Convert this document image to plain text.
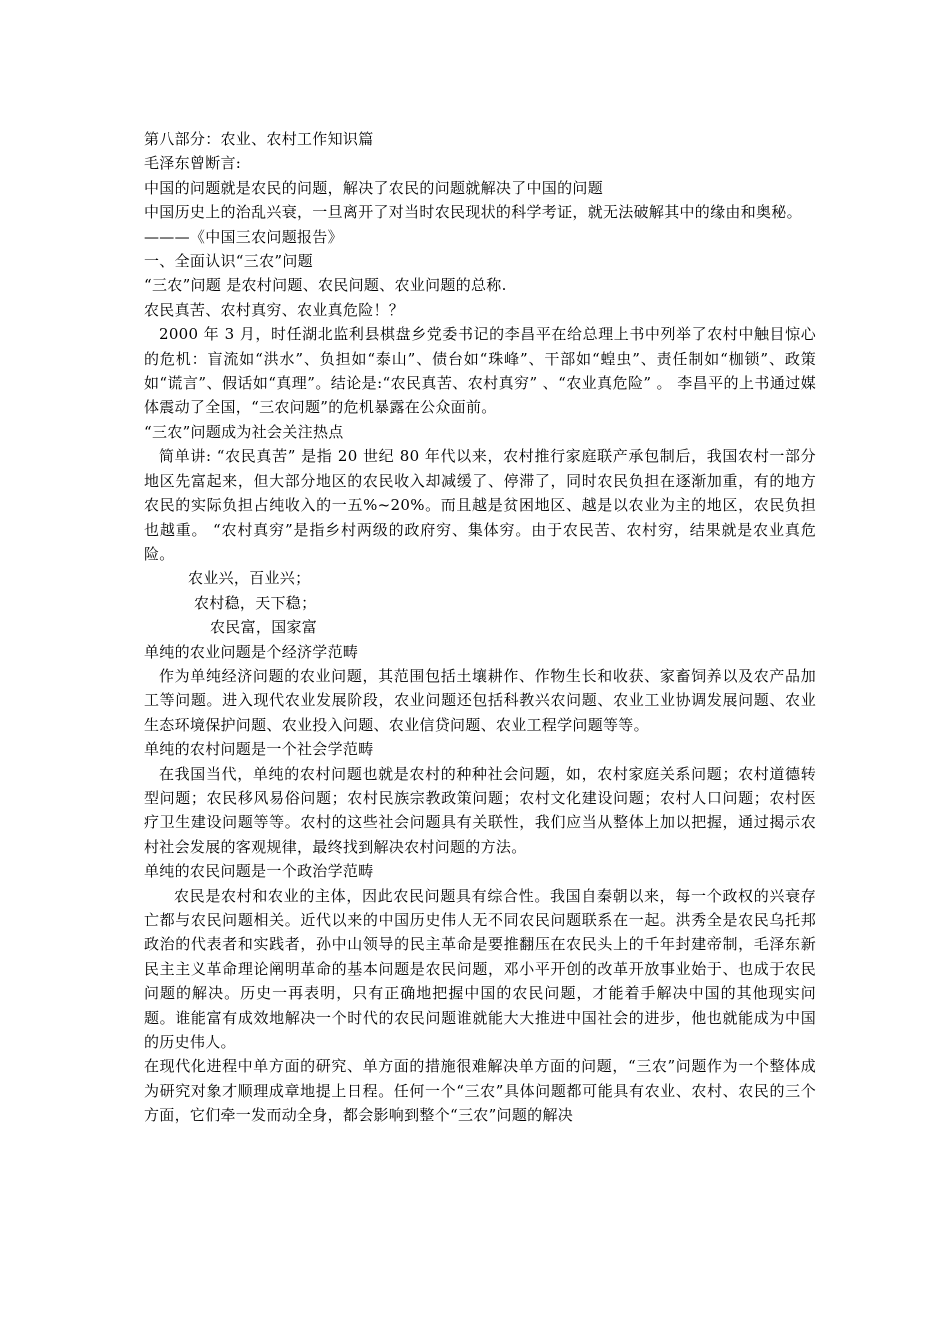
第八部分：农业、农村工作知识篇

毛泽东曾断言:

中国的问题就是农民的问题，解决了农民的问题就解决了中国的问题

中国历史上的治乱兴衰，一旦离开了对当时农民现状的科学考证，就无法破解其中的缘由和奥秘。

———《中国三农问题报告》

一、全面认识“三农”问题

“三农”问题 是农村问题、农民问题、农业问题的总称.

农民真苦、农村真穷、农业真危险！？

2000 年 3 月，时任湖北监利县棋盘乡党委书记的李昌平在给总理上书中列举了农村中触目惊心的危机：盲流如“洪水”、负担如“泰山”、债台如“珠峰”、干部如“蝗虫”、责任制如“枷锁”、政策如“谎言”、假话如“真理”。结论是:“农民真苦、农村真穷” 、“农业真危险” 。 李昌平的上书通过媒体震动了全国，“三农问题”的危机暴露在公众面前。

“三农”问题成为社会关注热点

简单讲: “农民真苦” 是指 20 世纪 80 年代以来，农村推行家庭联产承包制后，我国农村一部分地区先富起来，但大部分地区的农民收入却减缓了、停滞了，同时农民负担在逐渐加重，有的地方农民的实际负担占纯收入的一五%~20%。而且越是贫困地区、越是以农业为主的地区，农民负担也越重。 “农村真穷”是指乡村两级的政府穷、集体穷。由于农民苦、农村穷，结果就是农业真危险。

农业兴，百业兴；

农村稳，天下稳；

农民富，国家富

单纯的农业问题是个经济学范畴

作为单纯经济问题的农业问题，其范围包括土壤耕作、作物生长和收获、家畜饲养以及农产品加工等问题。进入现代农业发展阶段，农业问题还包括科教兴农问题、农业工业协调发展问题、农业生态环境保护问题、农业投入问题、农业信贷问题、农业工程学问题等等。

单纯的农村问题是一个社会学范畴

在我国当代，单纯的农村问题也就是农村的种种社会问题，如，农村家庭关系问题；农村道德转型问题；农民移风易俗问题；农村民族宗教政策问题；农村文化建设问题；农村人口问题；农村医疗卫生建设问题等等。农村的这些社会问题具有关联性，我们应当从整体上加以把握，通过揭示农村社会发展的客观规律，最终找到解决农村问题的方法。

单纯的农民问题是一个政治学范畴

农民是农村和农业的主体，因此农民问题具有综合性。我国自秦朝以来，每一个政权的兴衰存亡都与农民问题相关。近代以来的中国历史伟人无不同农民问题联系在一起。洪秀全是农民乌托邦政治的代表者和实践者，孙中山领导的民主革命是要推翻压在农民头上的千年封建帝制，毛泽东新民主主义革命理论阐明革命的基本问题是农民问题，邓小平开创的改革开放事业始于、也成于农民问题的解决。历史一再表明，只有正确地把握中国的农民问题，才能着手解决中国的其他现实问题。谁能富有成效地解决一个时代的农民问题谁就能大大推进中国社会的进步，他也就能成为中国的历史伟人。

在现代化进程中单方面的研究、单方面的措施很难解决单方面的问题，“三农”问题作为一个整体成为研究对象才顺理成章地提上日程。任何一个“三农”具体问题都可能具有农业、农村、农民的三个方面，它们牵一发而动全身，都会影响到整个“三农”问题的解决
